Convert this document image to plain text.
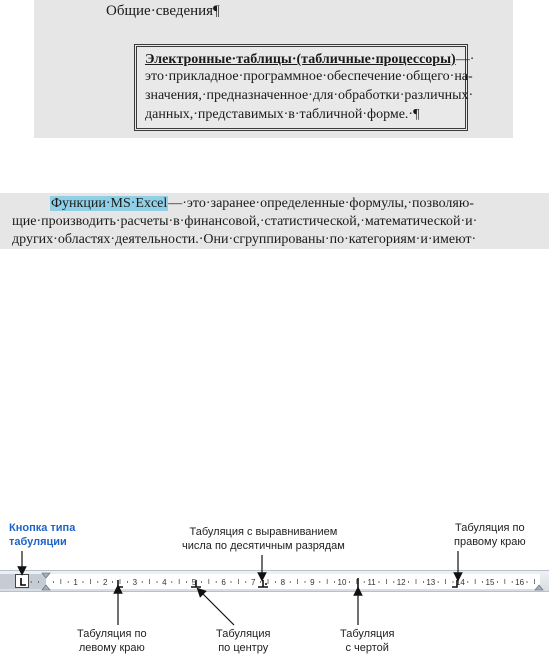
Общие·сведения¶
Электронные·таблицы·(табличные·процессоры)—·
это·прикладное·программное·обеспечение·общего·на-
значения,·предназначенное·для·обработки·различных·
данных,·представимых·в·табличной·форме.·¶
Функции·MS·Excel—·это·заранее·определенные·формулы,·позволяю-
щие·производить·расчеты·в·финансовой,·статистической,·математической·и·
других·областях·деятельности.·Они·сгруппированы·по·категориям·и·имеют·
Кнопка типа
табуляции
Табуляция с выравниванием
числа по десятичным разрядам
Табуляция по
правому краю
Табуляция по
левому краю
Табуляция
по центру
Табуляция
с чертой
1	2	3	4	5	6	7	8	9	10	11	12	13	14	15	16
